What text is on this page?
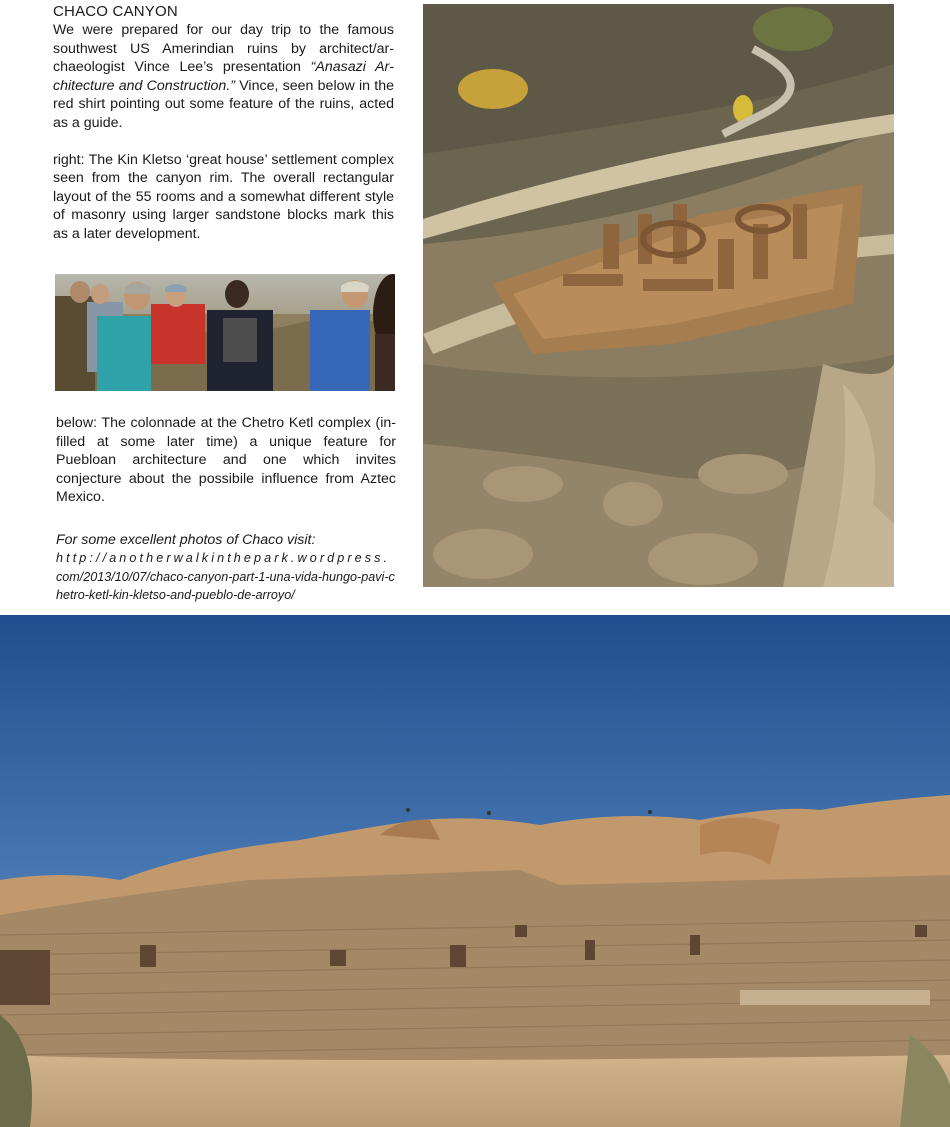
CHACO CANYON

We were prepared for our day trip to the famous southwest US Amerindian ruins by architect/archaeologist Vince Lee’s presentation “Anasazi Architecture and Construction.” Vince, seen below in the red shirt pointing out some feature of the ruins, acted as a guide.

right: The Kin Kletso ‘great house’ settlement complex seen from the canyon rim. The overall rectangular layout of the 55 rooms and a somewhat different style of masonry using larger sandstone blocks mark this as a later development.

below: The colonnade at the Chetro Ketl complex (infilled at some later time) a unique feature for Puebloan architecture and one which invites conjecture about the possibile influence from Aztec Mexico.

For some excellent photos of Chaco visit:

http://anotherwalkinthepark.wordpress. com/2013/10/07/chaco-canyon-part-1-una-vida-hungo-pavi-chetro-ketl-kin-kletso-and-pueblo-de-arroyo/
